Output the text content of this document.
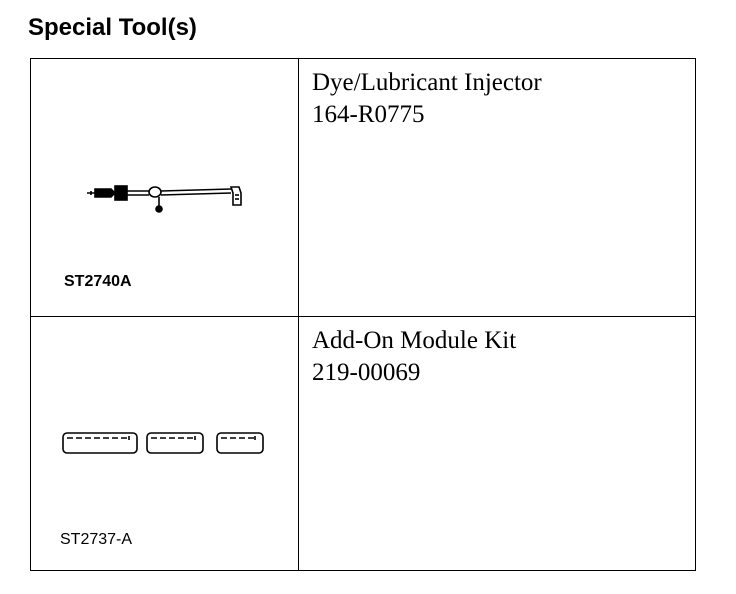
Special Tool(s)
ST2740A
Dye/Lubricant Injector
164-R0775
ST2737-A
Add-On Module Kit
219-00069
